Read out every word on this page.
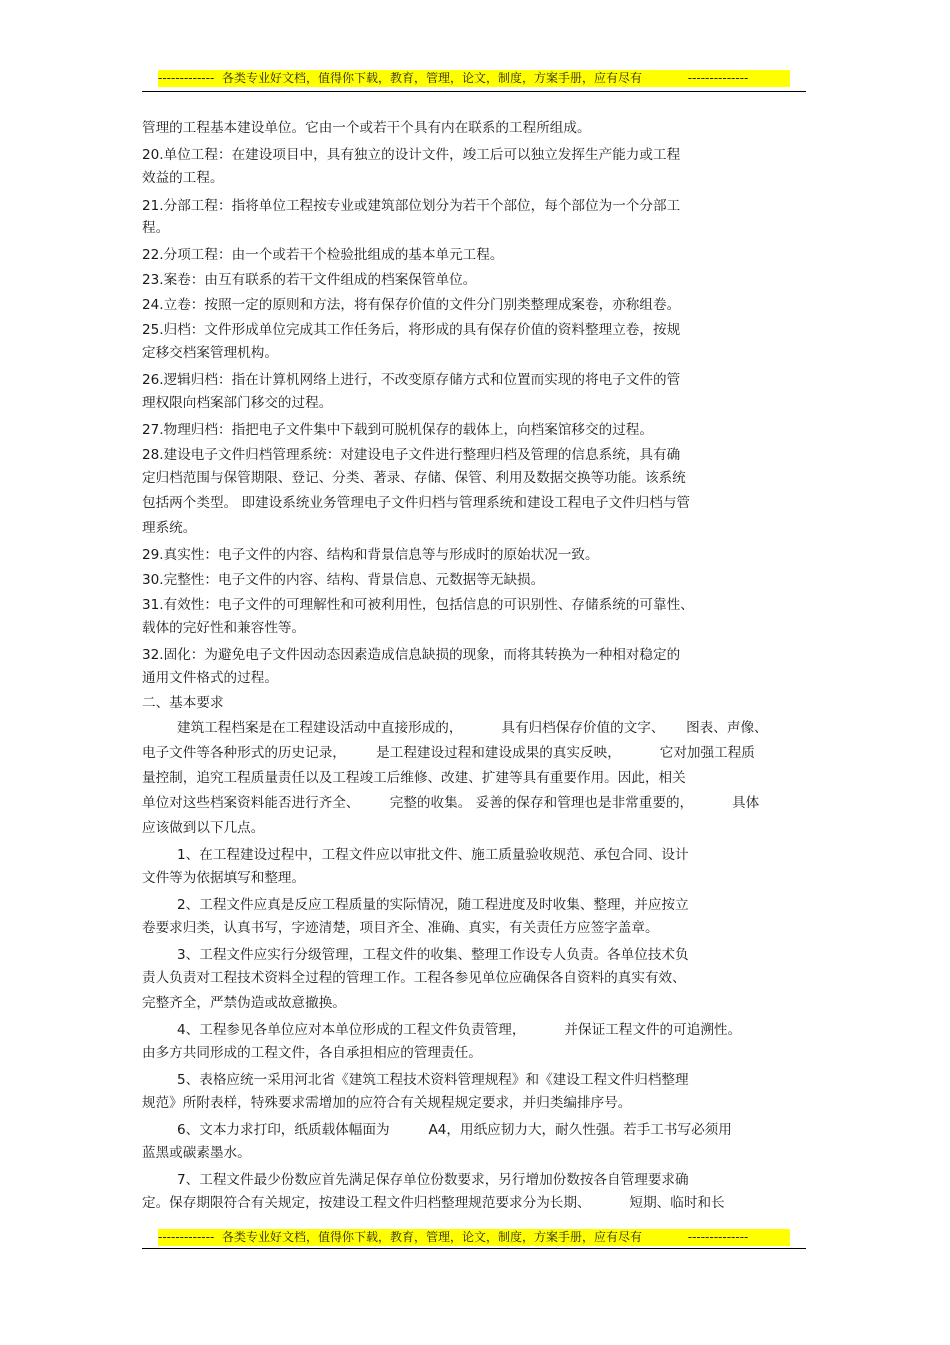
------------- 各类专业好文档，值得你下载，教育，管理，论文，制度，方案手册，应有尽有	--------------
管理的工程基本建设单位。它由一个或若干个具有内在联系的工程所组成。
20.单位工程：在建设项目中，具有独立的设计文件，竣工后可以独立发挥生产能力或工程
效益的工程。
21.分部工程：指将单位工程按专业或建筑部位划分为若干个部位，每个部位为一个分部工
程。
22.分项工程：由一个或若干个检验批组成的基本单元工程。
23.案卷：由互有联系的若干文件组成的档案保管单位。
24.立卷：按照一定的原则和方法，将有保存价值的文件分门别类整理成案卷，亦称组卷。
25.归档：文件形成单位完成其工作任务后，将形成的具有保存价值的资料整理立卷，按规
定移交档案管理机构。
26.逻辑归档：指在计算机网络上进行，不改变原存储方式和位置而实现的将电子文件的管
理权限向档案部门移交的过程。
27.物理归档：指把电子文件集中下载到可脱机保存的载体上，向档案馆移交的过程。
28.建设电子文件归档管理系统：对建设电子文件进行整理归档及管理的信息系统，具有确
定归档范围与保管期限、登记、分类、著录、存储、保管、利用及数据交换等功能。该系统
包括两个类型。 即建设系统业务管理电子文件归档与管理系统和建设工程电子文件归档与管
理系统。
29.真实性：电子文件的内容、结构和背景信息等与形成时的原始状况一致。
30.完整性：电子文件的内容、结构、背景信息、元数据等无缺损。
31.有效性：电子文件的可理解性和可被利用性，包括信息的可识别性、存储系统的可靠性、
载体的完好性和兼容性等。
32.固化：为避免电子文件因动态因素造成信息缺损的现象，而将其转换为一种相对稳定的
通用文件格式的过程。
二、基本要求
建筑工程档案是在工程建设活动中直接形成的，         具有归档保存价值的文字、     图表、声像、
电子文件等各种形式的历史记录，       是工程建设过程和建设成果的真实反映，         它对加强工程质
量控制，追究工程质量责任以及工程竣工后维修、改建、扩建等具有重要作用。因此，相关
单位对这些档案资料能否进行齐全、       完整的收集。 妥善的保存和管理也是非常重要的，         具体
应该做到以下几点。
1、在工程建设过程中，工程文件应以审批文件、施工质量验收规范、承包合同、设计
文件等为依据填写和整理。
2、工程文件应真是反应工程质量的实际情况，随工程进度及时收集、整理，并应按立
卷要求归类，认真书写，字迹清楚，项目齐全、准确、真实，有关责任方应签字盖章。
3、工程文件应实行分级管理，工程文件的收集、整理工作设专人负责。各单位技术负
责人负责对工程技术资料全过程的管理工作。工程各参见单位应确保各自资料的真实有效、
完整齐全，严禁伪造或故意撤换。
4、工程参见各单位应对本单位形成的工程文件负责管理，         并保证工程文件的可追溯性。
由多方共同形成的工程文件，各自承担相应的管理责任。
5、表格应统一采用河北省《建筑工程技术资料管理规程》和《建设工程文件归档整理
规范》所附表样，特殊要求需增加的应符合有关规程规定要求，并归类编排序号。
6、文本力求打印，纸质载体幅面为         A4，用纸应韧力大，耐久性强。若手工书写必须用
蓝黑或碳素墨水。
7、工程文件最少份数应首先满足保存单位份数要求，另行增加份数按各自管理要求确
定。保存期限符合有关规定，按建设工程文件归档整理规范要求分为长期、         短期、临时和长
------------- 各类专业好文档，值得你下载，教育，管理，论文，制度，方案手册，应有尽有	--------------
